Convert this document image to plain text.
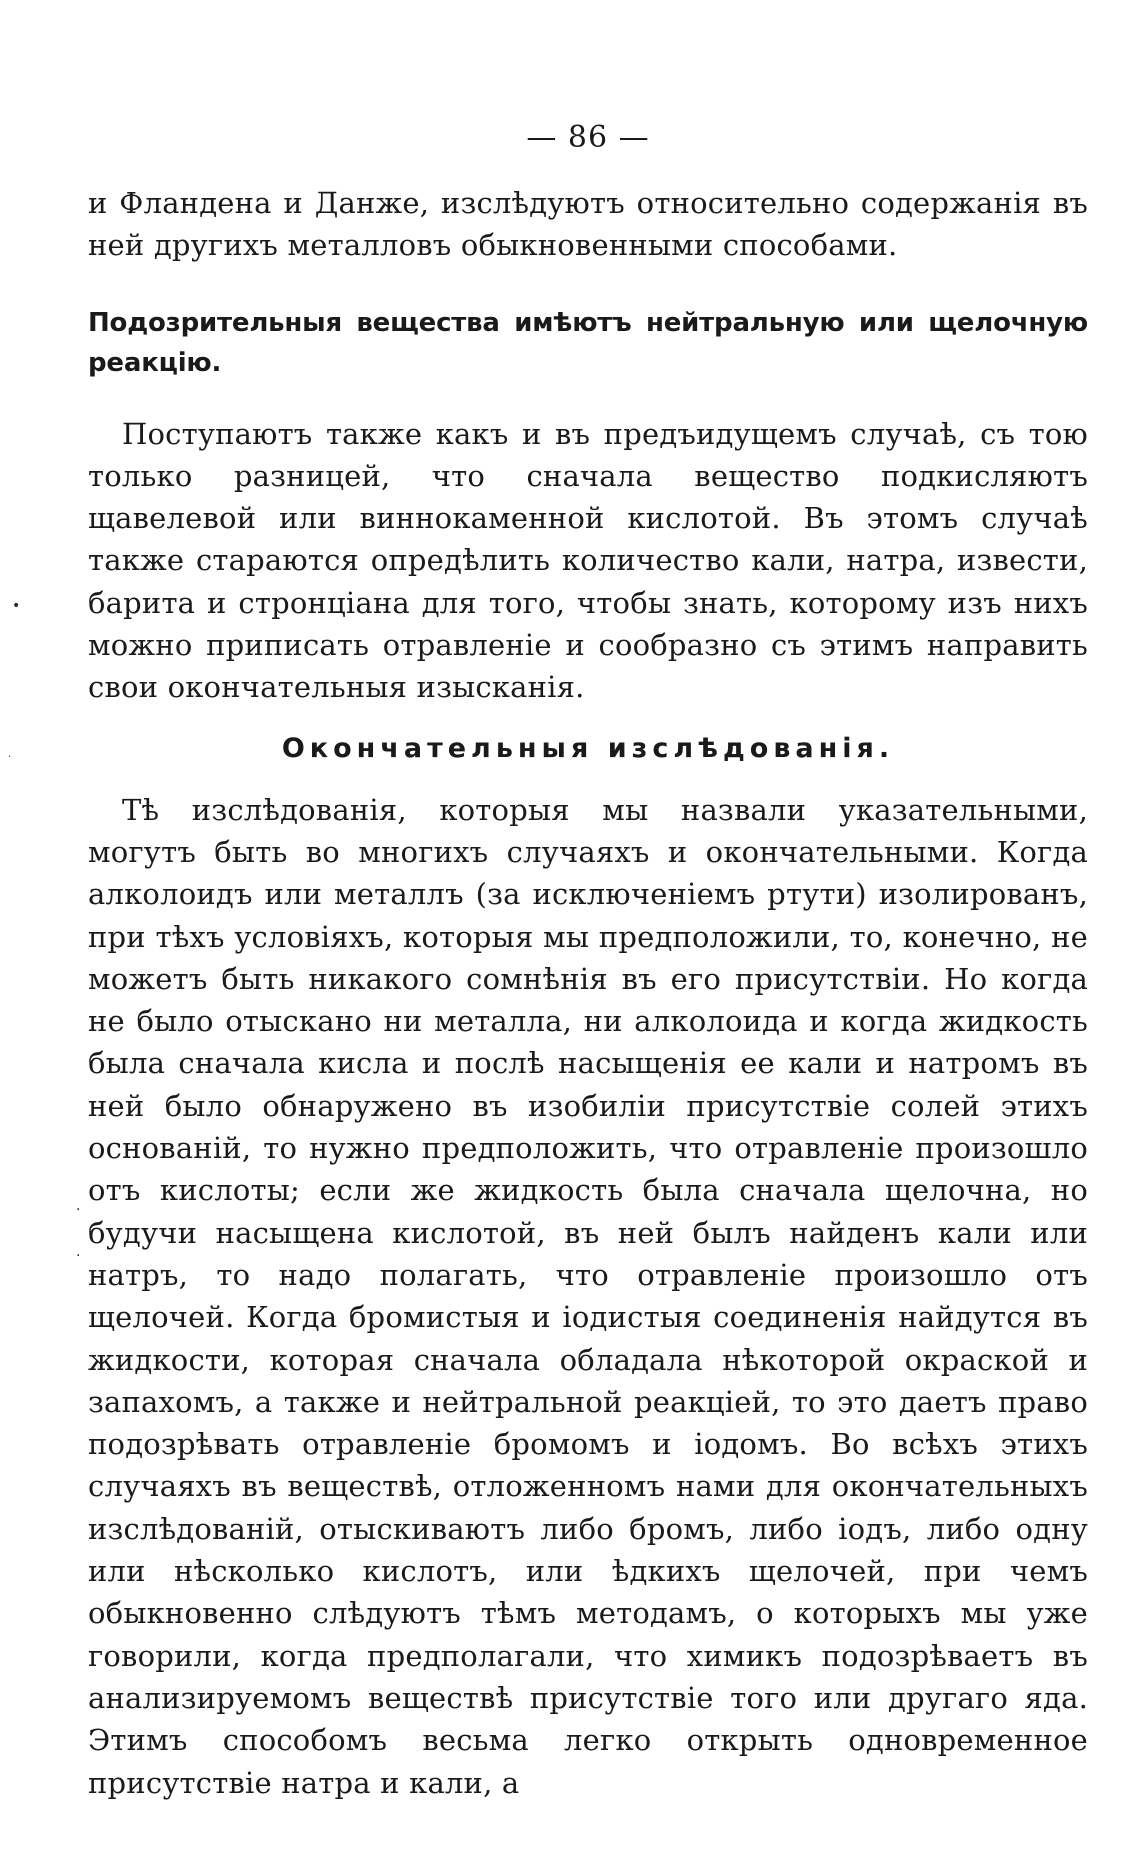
— 86 —

и Фландена и Данже, изслѣдуютъ относительно содержанія въ ней другихъ металловъ обыкновенными способами.

Подозрительныя вещества имѣютъ нейтральную или щелочную реакцію.

Поступаютъ также какъ и въ предъидущемъ случаѣ, съ тою только разницей, что сначала вещество подкисляютъ щавелевой или виннокаменной кислотой. Въ этомъ случаѣ также стараются опредѣлить количество кали, натра, извести, барита и стронціана для того, чтобы знать, которому изъ нихъ можно приписать отравленіе и сообразно съ этимъ направить свои окончательныя изысканія.

Окончательныя изслѣдованія.

Тѣ изслѣдованія, которыя мы назвали указательными, могутъ быть во многихъ случаяхъ и окончательными. Когда алколоидъ или металлъ (за исключеніемъ ртути) изолированъ, при тѣхъ условіяхъ, которыя мы предположили, то, конечно, не можетъ быть никакого сомнѣнія въ его присутствіи. Но когда не было отыскано ни металла, ни алколоида и когда жидкость была сначала кисла и послѣ насыщенія ее кали и натромъ въ ней было обнаружено въ изобиліи присутствіе солей этихъ основаній, то нужно предположить, что отравленіе произошло отъ кислоты; если же жидкость была сначала щелочна, но будучи насыщена кислотой, въ ней былъ найденъ кали или натръ, то надо полагать, что отравленіе произошло отъ щелочей. Когда бромистыя и іодистыя соединенія найдутся въ жидкости, которая сначала обладала нѣкоторой окраской и запахомъ, а также и нейтральной реакціей, то это даетъ право подозрѣвать отравленіе бромомъ и іодомъ. Во всѣхъ этихъ случаяхъ въ веществѣ, отложенномъ нами для окончательныхъ изслѣдованій, отыскиваютъ либо бромъ, либо іодъ, либо одну или нѣсколько кислотъ, или ѣдкихъ щелочей, при чемъ обыкновенно слѣдуютъ тѣмъ методамъ, о которыхъ мы уже говорили, когда предполагали, что химикъ подозрѣваетъ въ анализируемомъ веществѣ присутствіе того или другаго яда. Этимъ способомъ весьма легко открыть одновременное присутствіе натра и кали, а

•
·
·
·
